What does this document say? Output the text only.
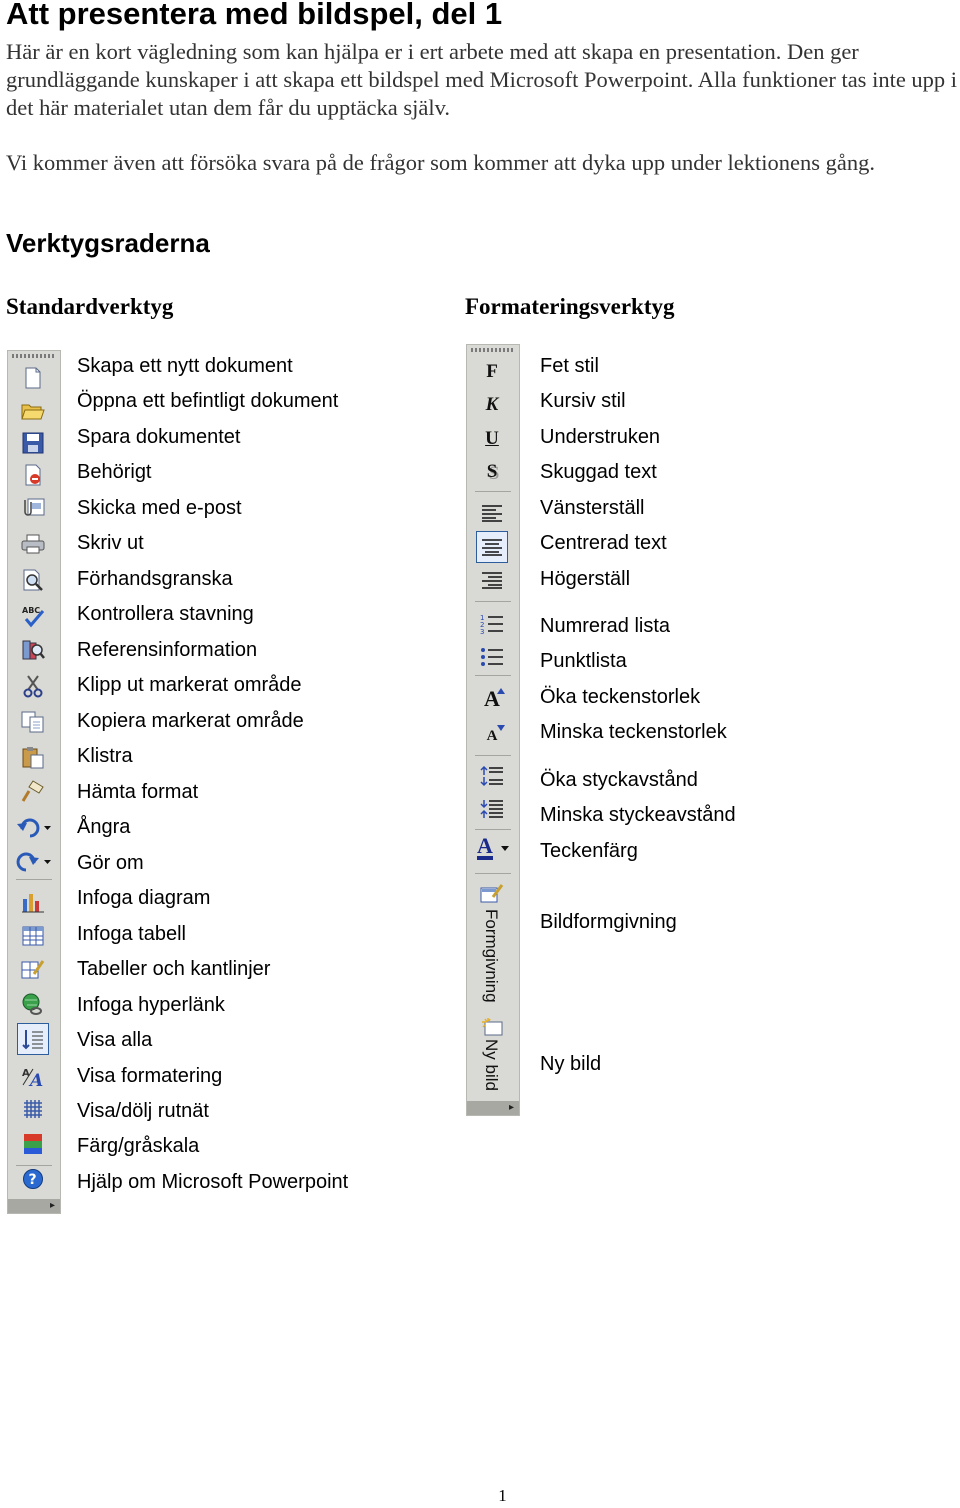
Att presentera med bildspel, del 1

Här är en kort vägledning som kan hjälpa er i ert arbete med att skapa en presentation. Den ger grundläggande kunskaper i att skapa ett bildspel med Microsoft Powerpoint. Alla funktioner tas inte upp i det här materialet utan dem får du upptäcka själv.

Vi kommer även att försöka svara på de frågor som kommer att dyka upp under lektionens gång.

Verktygsraderna
Standardverktyg	Formateringsverktyg
ABC
A A
?
▸

Skapa ett nytt dokument

Öppna ett befintligt dokument

Spara dokumentet

Behörigt

Skicka med e-post

Skriv ut

Förhandsgranska

Kontrollera stavning

Referensinformation

Klipp ut markerat område

Kopiera markerat område

Klistra

Hämta format

Ångra

Gör om

Infoga diagram

Infoga tabell

Tabeller och kantlinjer

Infoga hyperlänk

Visa alla

Visa formatering

Visa/dölj rutnät

Färg/gråskala

Hjälp om Microsoft Powerpoint

F
K
U
S
1
2
3
A
A
A
Formgivning
Ny bild
▸

Fet stil

Kursiv stil

Understruken

Skuggad text

Vänsterställ

Centrerad text

Högerställ

Numrerad lista

Punktlista

Öka teckenstorlek

Minska teckenstorlek

Öka styckavstånd

Minska styckeavstånd

Teckenfärg

Bildformgivning

Ny bild

1
